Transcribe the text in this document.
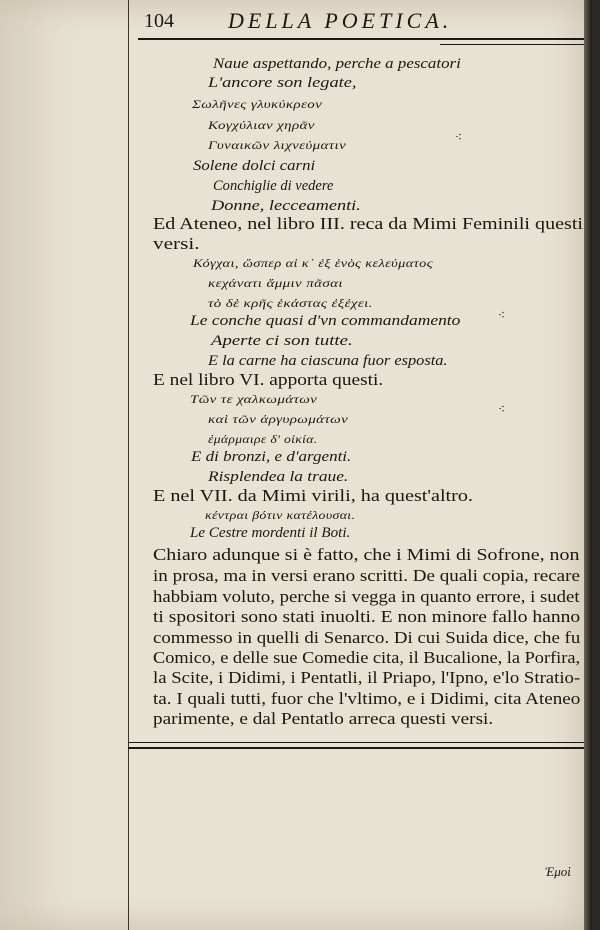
104 DELLA POETICA.
Naue aspettando, perche a pescatori
L'ancore son legate,
Σωλῆνες γλυκύκρεον
Κογχύλιαν χηρᾶν
Γυναικῶν λιχνεύματιν
Solene dolci carni
Conchiglie di vedere
Donne, lecceamenti.
Ed Ateneo, nel libro III. reca da Mimi Feminili questi
versi.
Κόγχαι, ὥσπερ αἱ κ᾽ ἐξ ἑνὸς κελεύματος
κεχάνατι ἄμμιν πᾶσαι
τὸ δὲ κρῆς ἑκάστας ἐξέχει.
Le conche quasi d'vn commandamento
Aperte ci son tutte.
E la carne ha ciascuna fuor esposta.
E nel libro VI. apporta questi.
Τῶν τε χαλκωμάτων
καὶ τῶν ἀργυρωμάτων
ἐμάρμαιρε δ' οἰκία.
E di bronzi, e d'argenti.
Risplendea la traue.
E nel VII. da Mimi virili, ha quest'altro.
κέντραι βότιν κατέλουσαι.
Le Cestre mordenti il Boti.
Chiaro adunque si è fatto, che i Mimi di Sofrone, non
in prosa, ma in versi erano scritti. De quali copia, recare
habbiam voluto, perche si vegga in quanto errore, i sudet
ti spositori sono stati inuolti. E non minore fallo hanno
commesso in quelli di Senarco. Di cui Suida dice, che fu
Comico, e delle sue Comedie cita, il Bucalione, la Porfira,
la Scite, i Didimi, i Pentatli, il Priapo, l'Ipno, e'lo Stratio-
ta. I quali tutti, fuor che l'vltimo, e i Didimi, cita Ateneo
parimente, e dal Pentatlo arreca questi versi.
⁖
⁖
⁖
Ἐμοὶ
